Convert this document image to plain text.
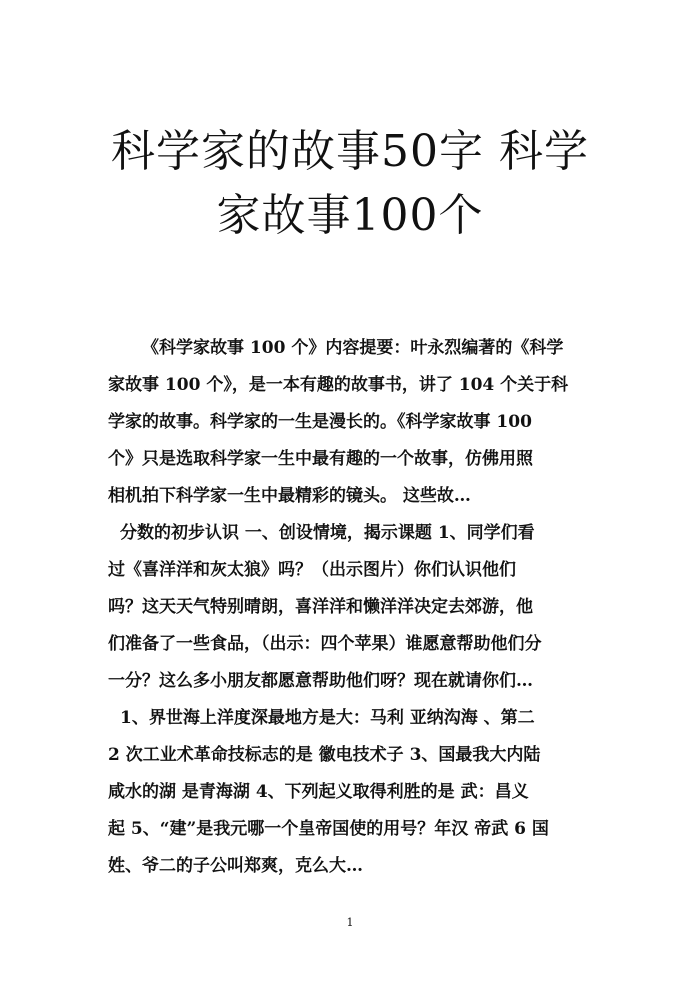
科学家的故事50字 科学
家故事100个

《科学家故事 100 个》内容提要：叶永烈编著的《科学
家故事 100 个》，是一本有趣的故事书，讲了 104 个关于科
学家的故事。科学家的一生是漫长的。《科学家故事 100
个》只是选取科学家一生中最有趣的一个故事，仿佛用照
相机拍下科学家一生中最精彩的镜头。 这些故…

分数的初步认识 一、创设情境，揭示课题 1、同学们看
过《喜洋洋和灰太狼》吗？（出示图片）你们认识他们
吗？这天天气特别晴朗，喜洋洋和懒洋洋决定去郊游，他
们准备了一些食品，（出示：四个苹果）谁愿意帮助他们分
一分？这么多小朋友都愿意帮助他们呀？现在就请你们…

1、界世海上洋度深最地方是大：马利 亚纳沟海 、第二
2 次工业术革命技标志的是 徽电技术子 3、国最我大内陆
咸水的湖 是青海湖 4、下列起义取得利胜的是 武：昌义
起 5、“建”是我元哪一个皇帝国使的用号？年汉 帝武 6 国
姓、爷二的子公叫郑爽，克么大…

1
